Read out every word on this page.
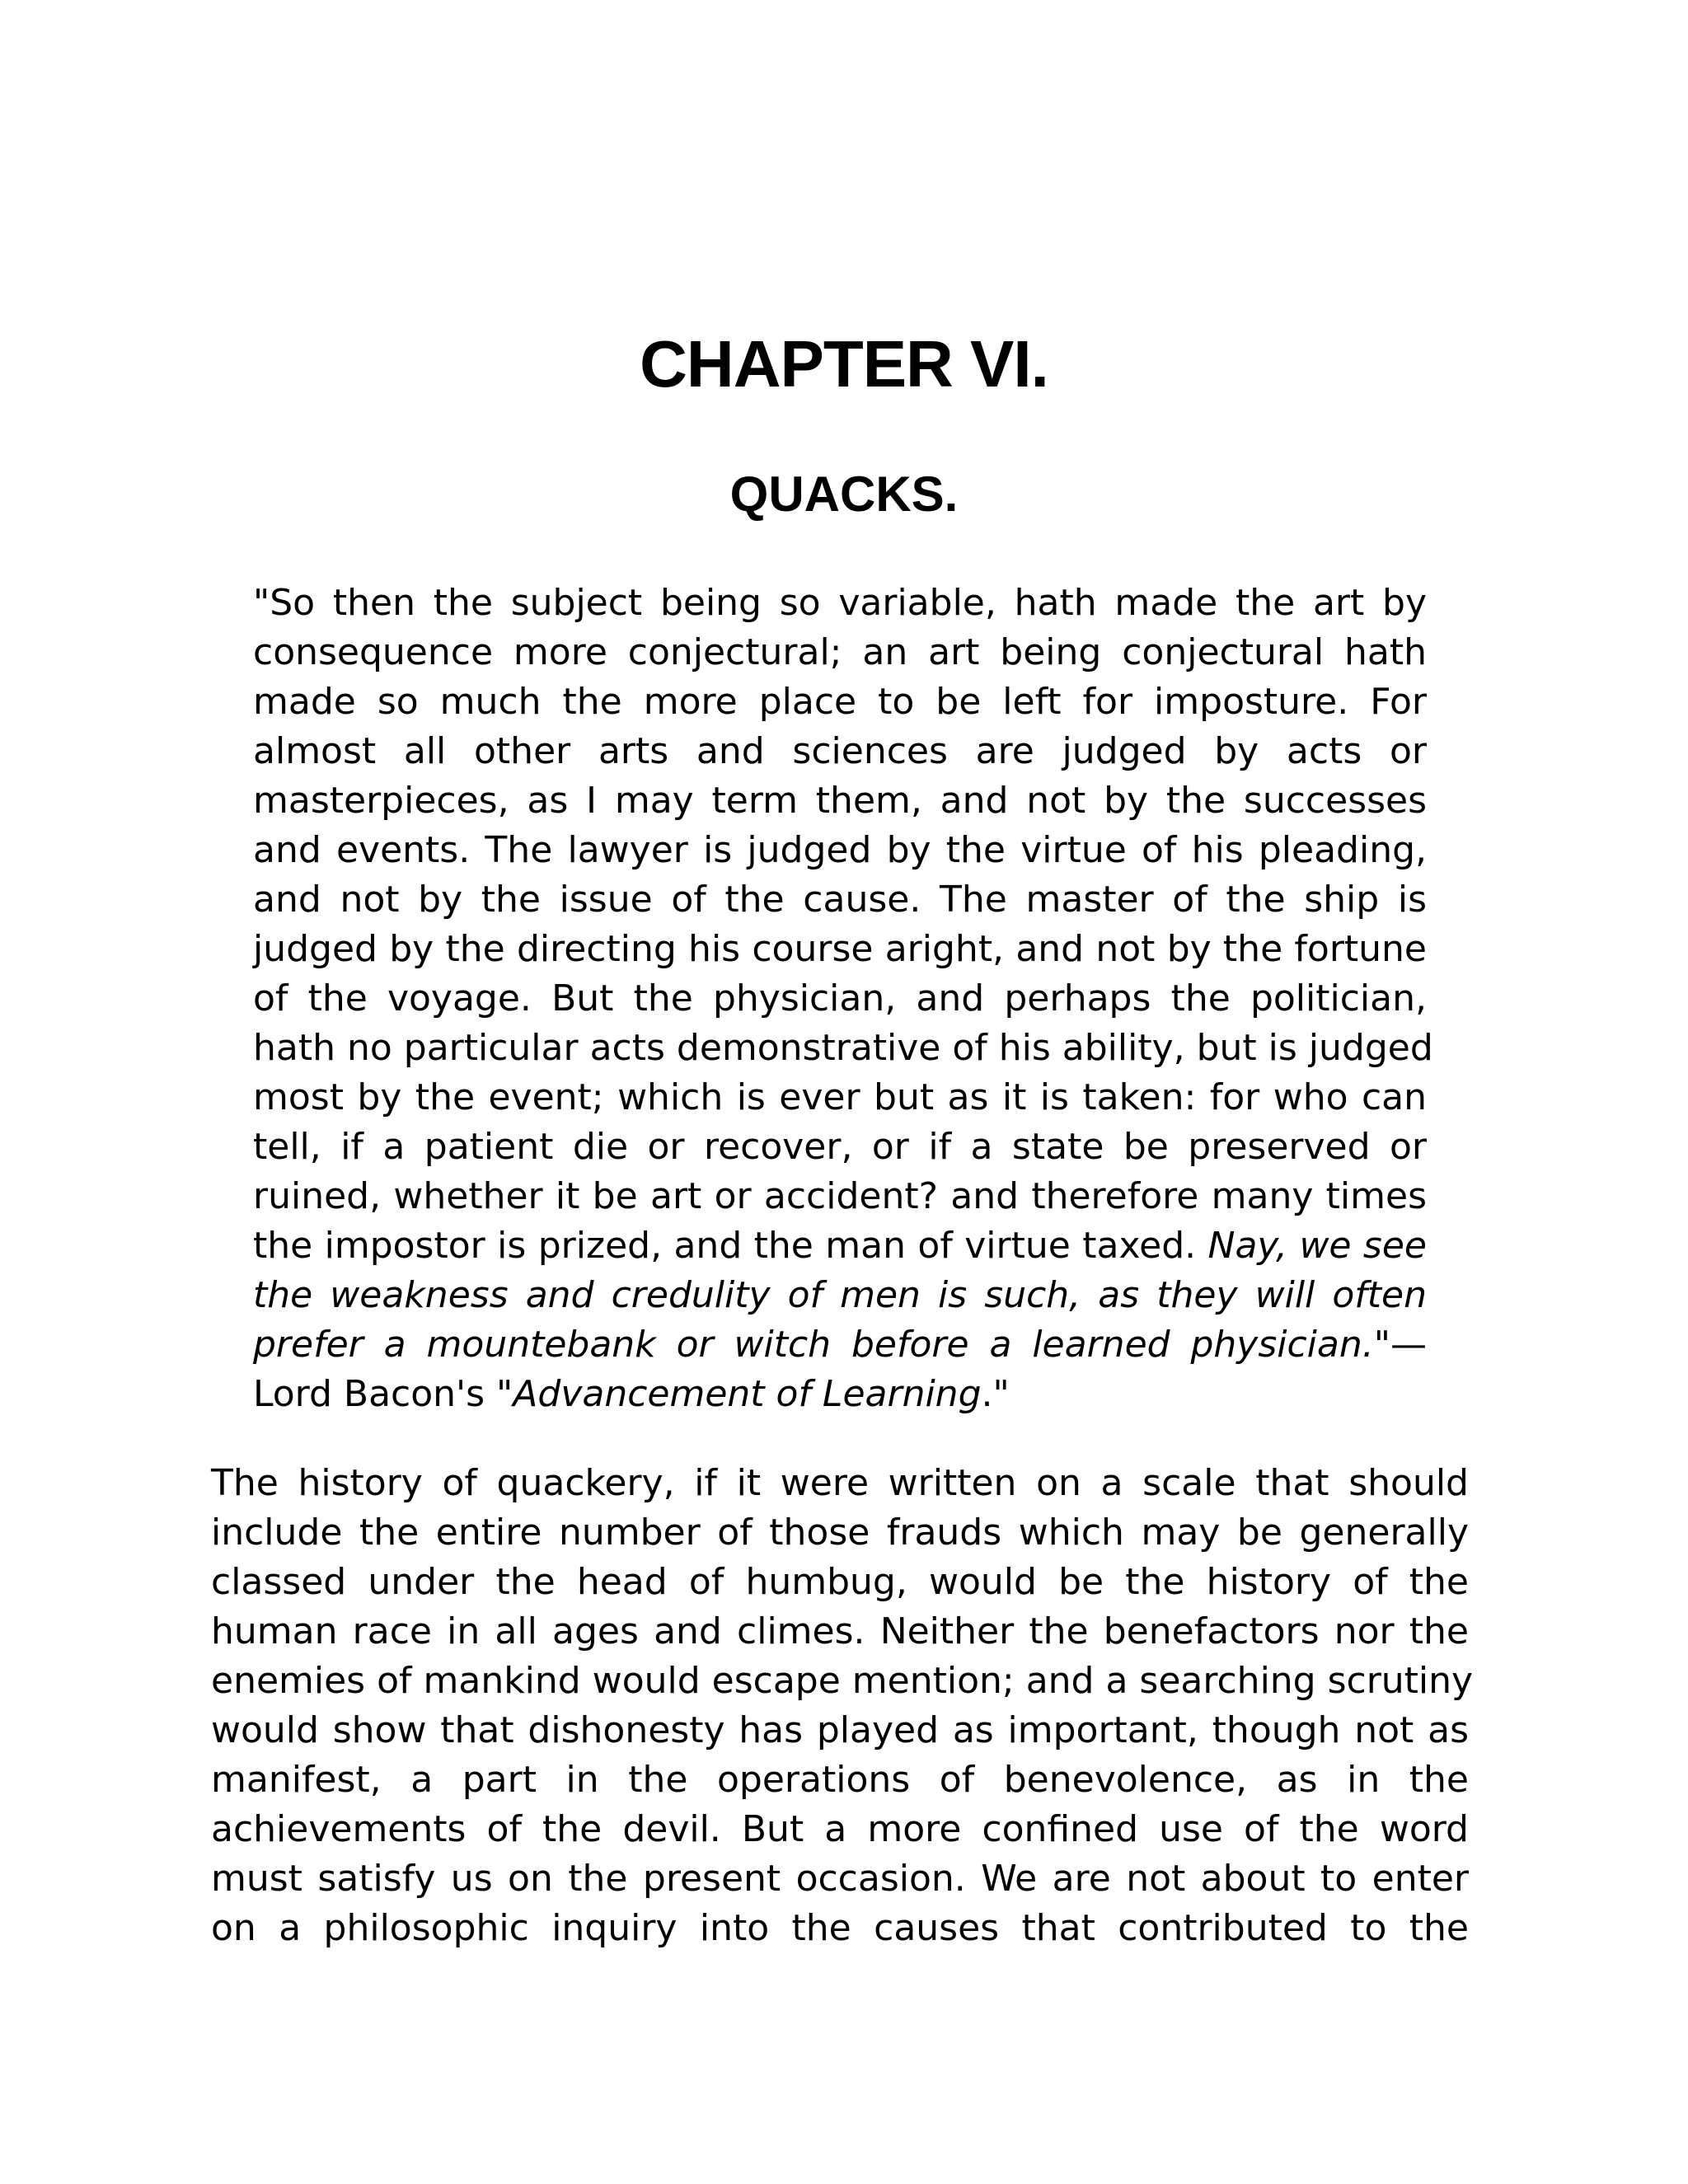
CHAPTER VI.
QUACKS.
"So then the subject being so variable, hath made the art by
consequence more conjectural; an art being conjectural hath
made so much the more place to be left for imposture. For
almost all other arts and sciences are judged by acts or
masterpieces, as I may term them, and not by the successes
and events. The lawyer is judged by the virtue of his pleading,
and not by the issue of the cause. The master of the ship is
judged by the directing his course aright, and not by the fortune
of the voyage. But the physician, and perhaps the politician,
hath no particular acts demonstrative of his ability, but is judged
most by the event; which is ever but as it is taken: for who can
tell, if a patient die or recover, or if a state be preserved or
ruined, whether it be art or accident? and therefore many times
the impostor is prized, and the man of virtue taxed. Nay, we see
the weakness and credulity of men is such, as they will often
prefer a mountebank or witch before a learned physician."—
Lord Bacon's "Advancement of Learning."
The history of quackery, if it were written on a scale that should
include the entire number of those frauds which may be generally
classed under the head of humbug, would be the history of the
human race in all ages and climes. Neither the benefactors nor the
enemies of mankind would escape mention; and a searching scrutiny
would show that dishonesty has played as important, though not as
manifest, a part in the operations of benevolence, as in the
achievements of the devil. But a more confined use of the word
must satisfy us on the present occasion. We are not about to enter
on a philosophic inquiry into the causes that contributed to the
